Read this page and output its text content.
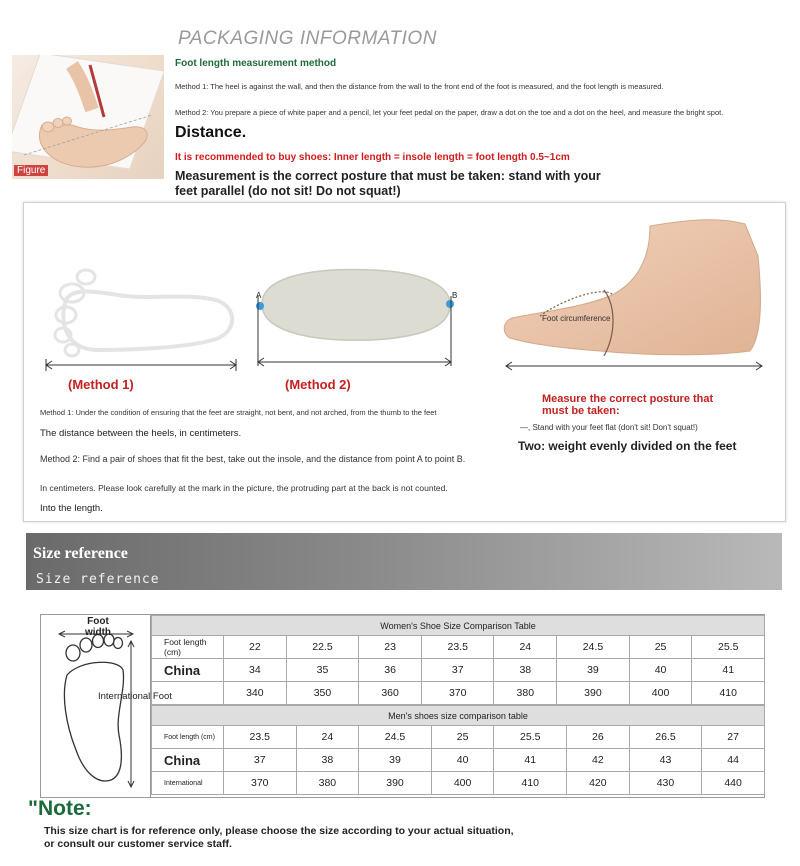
Figure
PACKAGING INFORMATION
Foot length measurement method
Method 1: The heel is against the wall, and then the distance from the wall to the front end of the foot is measured, and the foot length is measured.
Method 2: You prepare a piece of white paper and a pencil, let your feet pedal on the paper, draw a dot on the toe and a dot on the heel, and measure the bright spot.
Distance.
It is recommended to buy shoes: Inner length = insole length = foot length 0.5~1cm
Measurement is the correct posture that must be taken: stand with your feet parallel (do not sit! Do not squat!)
A	B
Foot circumference
(Method 1)	(Method 2)
Method 1: Under the condition of ensuring that the feet are straight, not bent, and not arched, from the thumb to the feet
The distance between the heels, in centimeters.
Method 2: Find a pair of shoes that fit the best, take out the insole, and the distance from point A to point B.
In centimeters. Please look carefully at the mark in the picture, the protruding part at the back is not counted.
Into the length.
Measure the correct posture that must be taken:
—, Stand with your feet flat (don't sit! Don't squat!)
Two: weight evenly divided on the feet
Size reference
Size reference
Foot width
International Foot
Women's Shoe Size Comparison Table								
Foot length (cm)	22	22.5	23	23.5	24	24.5	25	25.5
China	34	35	36	37	38	39	40	41
	340	350	360	370	380	390	400	410
Men's shoes size comparison table								
Foot length (cm)	23.5	24	24.5	25	25.5	26	26.5	27
China	37	38	39	40	41	42	43	44
International	370	380	390	400	410	420	430	440
"Note:
This size chart is for reference only, please choose the size according to your actual situation, or consult our customer service staff.
